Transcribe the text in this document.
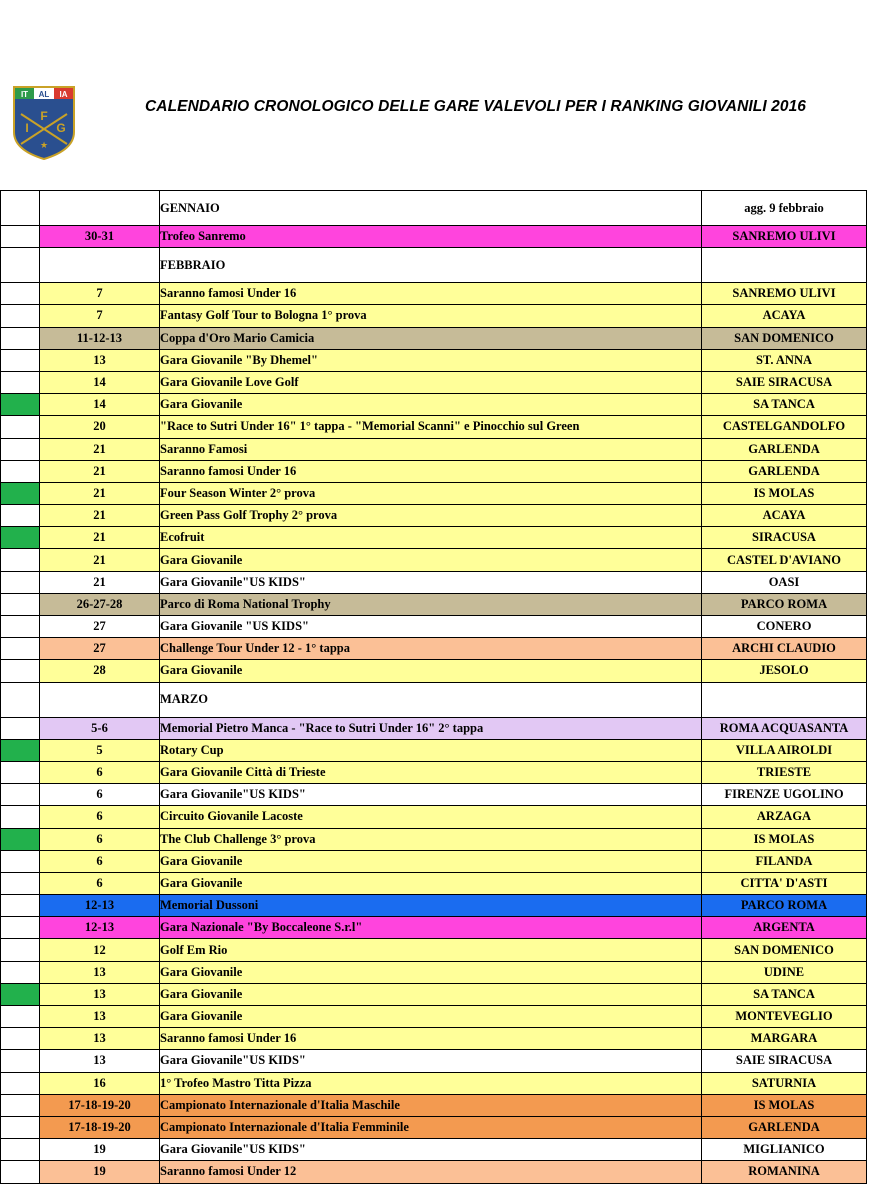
IT AL IA
F
I G
★
CALENDARIO CRONOLOGICO DELLE GARE VALEVOLI PER I RANKING GIOVANILI 2016
		GENNAIO	agg. 9 febbraio
	30-31	Trofeo Sanremo	SANREMO ULIVI
		FEBBRAIO	
	7	Saranno famosi Under 16	SANREMO ULIVI
	7	Fantasy Golf Tour to Bologna 1° prova	ACAYA
	11-12-13	Coppa d'Oro Mario Camicia	SAN DOMENICO
	13	Gara Giovanile "By Dhemel"	ST. ANNA
	14	Gara Giovanile Love Golf	SAIE SIRACUSA
	14	Gara Giovanile	SA TANCA
	20	"Race to Sutri Under 16" 1° tappa - "Memorial Scanni" e Pinocchio sul Green	CASTELGANDOLFO
	21	Saranno Famosi	GARLENDA
	21	Saranno famosi Under 16	GARLENDA
	21	Four Season Winter 2° prova	IS MOLAS
	21	Green Pass Golf Trophy 2° prova	ACAYA
	21	Ecofruit	SIRACUSA
	21	Gara Giovanile	CASTEL D'AVIANO
	21	Gara Giovanile"US KIDS"	OASI
	26-27-28	Parco di Roma National Trophy	PARCO ROMA
	27	Gara Giovanile "US KIDS"	CONERO
	27	Challenge Tour Under 12 - 1° tappa	ARCHI CLAUDIO
	28	Gara Giovanile	JESOLO
		MARZO	
	5-6	Memorial Pietro Manca - "Race to Sutri Under 16" 2° tappa	ROMA ACQUASANTA
	5	Rotary Cup	VILLA AIROLDI
	6	Gara Giovanile Città di Trieste	TRIESTE
	6	Gara Giovanile"US KIDS"	FIRENZE UGOLINO
	6	Circuito Giovanile Lacoste	ARZAGA
	6	The Club Challenge 3° prova	IS MOLAS
	6	Gara Giovanile	FILANDA
	6	Gara Giovanile	CITTA' D'ASTI
	12-13	Memorial Dussoni	PARCO ROMA
	12-13	Gara Nazionale "By Boccaleone S.r.l"	ARGENTA
	12	Golf Em Rio	SAN DOMENICO
	13	Gara Giovanile	UDINE
	13	Gara Giovanile	SA TANCA
	13	Gara Giovanile	MONTEVEGLIO
	13	Saranno famosi Under 16	MARGARA
	13	Gara Giovanile"US KIDS"	SAIE SIRACUSA
	16	1° Trofeo Mastro Titta Pizza	SATURNIA
	17-18-19-20	Campionato Internazionale d'Italia Maschile	IS MOLAS
	17-18-19-20	Campionato Internazionale d'Italia Femminile	GARLENDA
	19	Gara Giovanile"US KIDS"	MIGLIANICO
	19	Saranno famosi Under 12	ROMANINA
